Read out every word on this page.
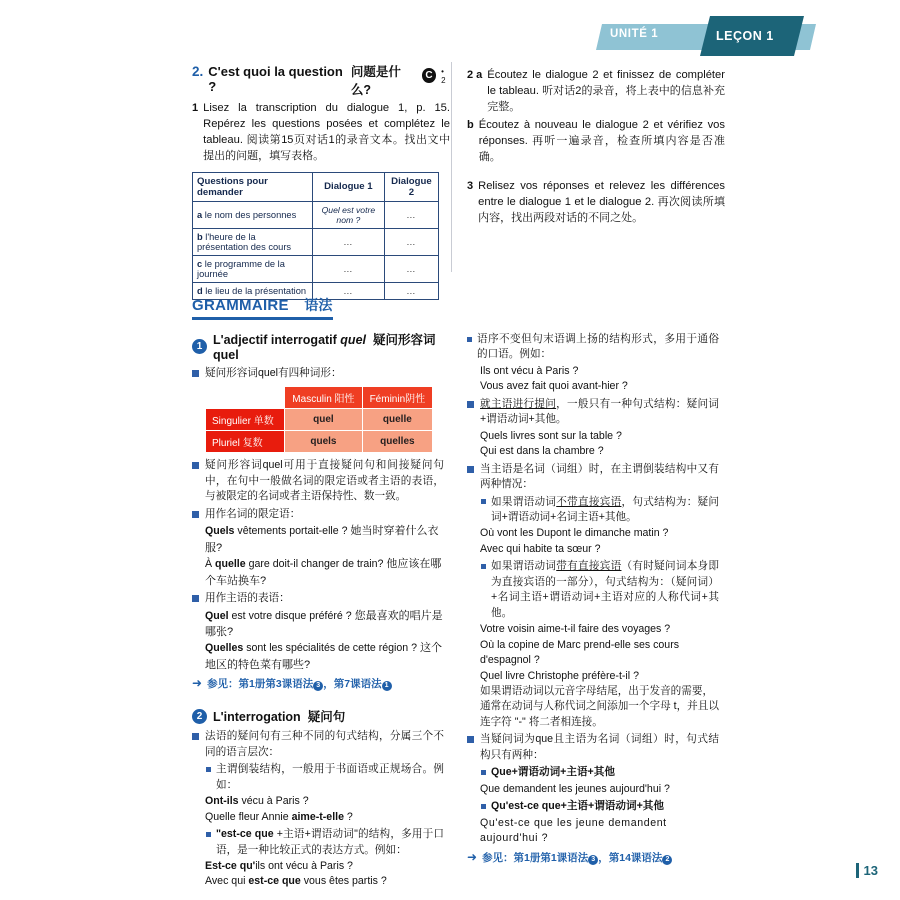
UNITÉ 1	LEÇON 1
2. C'est quoi la question ?
问题是什么?
C	• 2
1 Lisez la transcription du dialogue 1, p. 15. Repérez les questions posées et complétez le tableau. 阅读第15页对话1的录音文本。找出文中提出的问题，填写表格。
Questions pour demander	Dialogue 1	Dialogue 2
a le nom des personnes	Quel est votre nom ?	…
b l'heure de la présentation des cours	…	…
c le programme de la journée	…	…
d le lieu de la présentation	…	…
2 a Écoutez le dialogue 2 et finissez de compléter le tableau. 听对话2的录音，将上表中的信息补充完整。
b Écoutez à nouveau le dialogue 2 et vérifiez vos réponses. 再听一遍录音，检查所填内容是否准确。
3 Relisez vos réponses et relevez les différences entre le dialogue 1 et le dialogue 2. 再次阅读所填内容，找出两段对话的不同之处。
GRAMMAIRE 语法
1 L'adjectif interrogatif quel 疑问形容词quel
疑问形容词quel有四种词形：
	Masculin 阳性	Féminin阴性
Singulier 单数	quel	quelle
Pluriel 复数	quels	quelles
疑问形容词quel可用于直接疑问句和间接疑问句中，在句中一般做名词的限定语或者主语的表语，与被限定的名词或者主语保持性、数一致。
用作名词的限定语：
Quels vêtements portait-elle ? 她当时穿着什么衣服?
À quelle gare doit-il changer de train? 他应该在哪个车站换车?
用作主语的表语：
Quel est votre disque préféré ? 您最喜欢的唱片是哪张?
Quelles sont les spécialités de cette région ? 这个地区的特色菜有哪些?
➜ 参见：第1册第3课语法 3 ，第7课语法 1
2 L'interrogation 疑问句
法语的疑问句有三种不同的句式结构，分属三个不同的语言层次：
主谓倒装结构，一般用于书面语或正规场合。例如：
Ont-ils vécu à Paris ?
Quelle fleur Annie aime-t-elle ?
"est-ce que +主语+谓语动词"的结构，多用于口语，是一种比较正式的表达方式。例如：
Est-ce qu'ils ont vécu à Paris ?
Avec qui est-ce que vous êtes partis ?
语序不变但句末语调上扬的结构形式，多用于通俗的口语。例如：
Ils ont vécu à Paris ?
Vous avez fait quoi avant-hier ?
就主语进行提问，一般只有一种句式结构：疑问词+谓语动词+其他。
Quels livres sont sur la table ?
Qui est dans la chambre ?
当主语是名词（词组）时，在主谓倒装结构中又有两种情况：
如果谓语动词不带直接宾语，句式结构为：疑问词+谓语动词+名词主语+其他。
Où vont les Dupont le dimanche matin ?
Avec qui habite ta sœur ?
如果谓语动词带有直接宾语（有时疑问词本身即为直接宾语的一部分），句式结构为：（疑问词）+名词主语+谓语动词+主语对应的人称代词+其他。
Votre voisin aime-t-il faire des voyages ?
Où la copine de Marc prend-elle ses cours d'espagnol ?
Quel livre Christophe préfère-t-il ?
如果谓语动词以元音字母结尾，出于发音的需要，通常在动词与人称代词之间添加一个字母 t，并且以连字符 "-" 将二者相连接。
当疑问词为que且主语为名词（词组）时，句式结构只有两种：
Que+谓语动词+主语+其他
Que demandent les jeunes aujourd'hui ?
Qu'est-ce que+主语+谓语动词+其他
Qu'est-ce que les jeune demandent aujourd'hui ?
➜ 参见：第1册第1课语法 3 ，第14课语法 2
13
